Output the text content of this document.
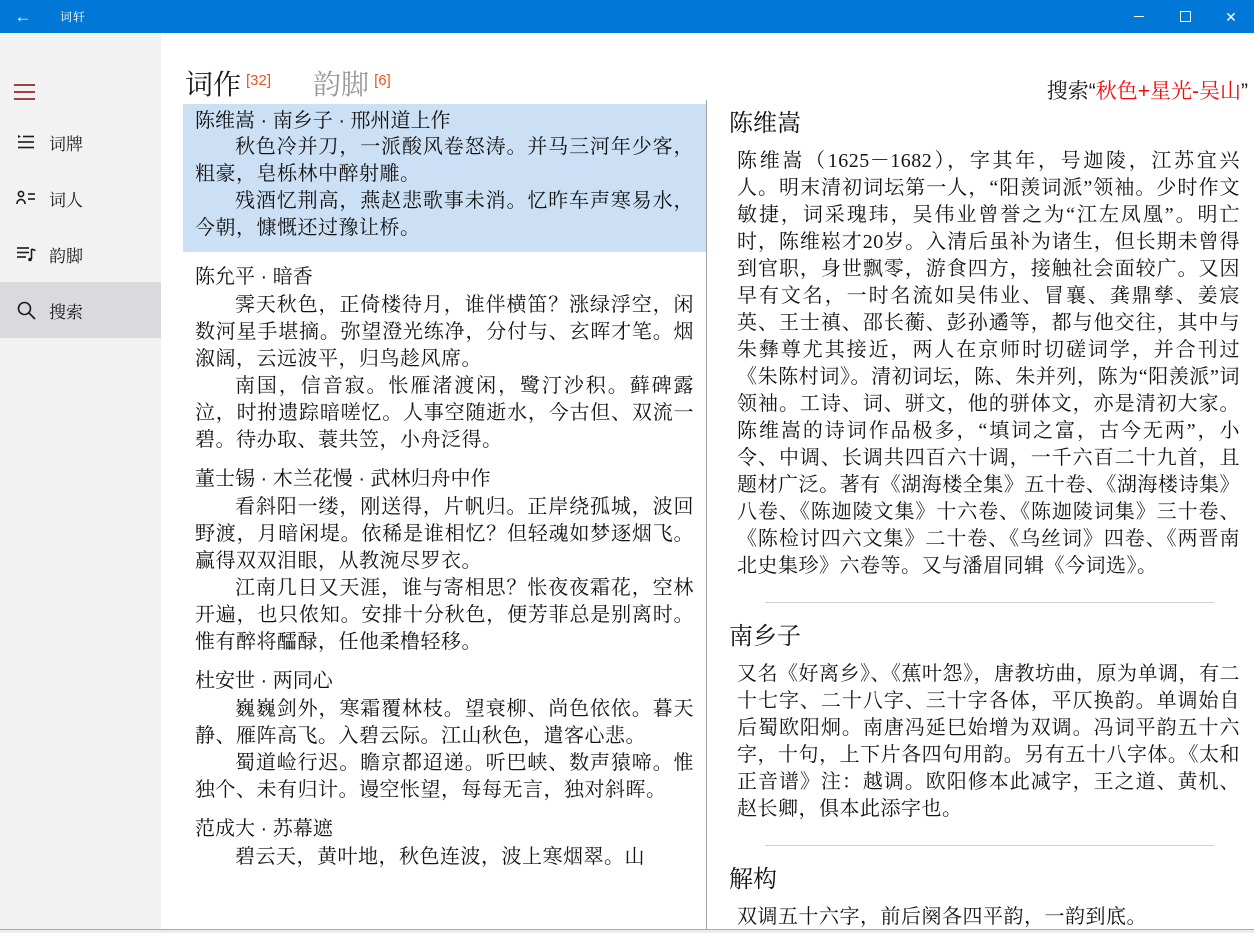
← 词轩	✕
词牌
词人
韵脚
搜索
词作 [32] 韵脚 [6]	搜索“秋色+星光-吴山”
陈维嵩 · 南乡子 · 邢州道上作

秋色冷并刀，一派酸风卷怒涛。并马三河年少客，粗豪，皂栎林中醉射雕。

残酒忆荆高，燕赵悲歌事未消。忆昨车声寒易水，今朝，慷慨还过豫让桥。

陈允平 · 暗香

霁天秋色，正倚楼待月，谁伴横笛？涨绿浮空，闲数河星手堪摘。弥望澄光练净，分付与、玄晖才笔。烟溆阔，云远波平，归鸟趁风席。

南国，信音寂。怅雁渚渡闲，鹭汀沙积。藓碑露泣，时拊遗踪暗嗟忆。人事空随逝水，今古但、双流一碧。待办取、蓑共笠，小舟泛得。

董士锡 · 木兰花慢 · 武林归舟中作

看斜阳一缕，刚送得，片帆归。正岸绕孤城，波回野渡，月暗闲堤。依稀是谁相忆？但轻魂如梦逐烟飞。赢得双双泪眼，从教涴尽罗衣。

江南几日又天涯，谁与寄相思？怅夜夜霜花，空林开遍，也只侬知。安排十分秋色，便芳菲总是别离时。惟有醉将醽醁，任他柔橹轻移。

杜安世 · 两同心

巍巍剑外，寒霜覆林枝。望衰柳、尚色依依。暮天静、雁阵高飞。入碧云际。江山秋色，遣客心悲。

蜀道崄行迟。瞻京都迢递。听巴峡、数声猿啼。惟独个、未有归计。谩空怅望，每每无言，独对斜晖。

范成大 · 苏幕遮

碧云天，黄叶地，秋色连波，波上寒烟翠。山

陈维嵩
陈维嵩（1625－1682），字其年，号迦陵，江苏宜兴人。明末清初词坛第一人，“阳羡词派”领袖。少时作文敏捷，词采瑰玮，吴伟业曾誉之为“江左凤凰”。明亡时，陈维崧才20岁。入清后虽补为诸生，但长期未曾得到官职，身世飘零，游食四方，接触社会面较广。又因早有文名，一时名流如吴伟业、冒襄、龚鼎孳、姜宸英、王士禛、邵长蘅、彭孙遹等，都与他交往，其中与朱彝尊尤其接近，两人在京师时切磋词学，并合刊过《朱陈村词》。清初词坛，陈、朱并列，陈为“阳羡派”词领袖。工诗、词、骈文，他的骈体文，亦是清初大家。陈维嵩的诗词作品极多，“填词之富，古今无两”，小令、中调、长调共四百六十调，一千六百二十九首，且题材广泛。著有《湖海楼全集》五十卷、《湖海楼诗集》八卷、《陈迦陵文集》十六卷、《陈迦陵词集》三十卷、《陈检讨四六文集》二十卷、《乌丝词》四卷、《两晋南北史集珍》六卷等。又与潘眉同辑《今词选》。
南乡子
又名《好离乡》、《蕉叶怨》，唐教坊曲，原为单调，有二十七字、二十八字、三十字各体，平仄换韵。单调始自后蜀欧阳炯。南唐冯延巳始增为双调。冯词平韵五十六字，十句，上下片各四句用韵。另有五十八字体。《太和正音谱》注：越调。欧阳修本此减字，王之道、黄机、赵长卿，俱本此添字也。
解构
双调五十六字，前后阕各四平韵，一韵到底。
